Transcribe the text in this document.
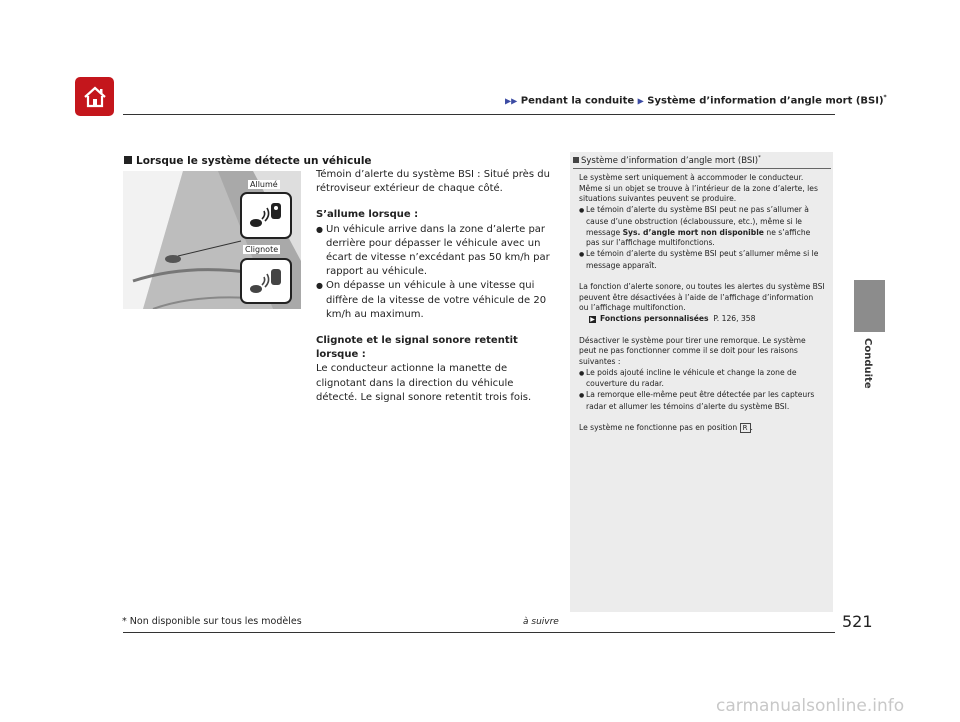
▶▶ Pendant la conduite ▶ Système d’information d’angle mort (BSI)*
Conduite
Lorsque le système détecte un véhicule
Allumé
Clignote

Témoin d’alerte du système BSI : Situé près du rétroviseur extérieur de chaque côté.

S’allume lorsque :

● Un véhicule arrive dans la zone d’alerte par derrière pour dépasser le véhicule avec un écart de vitesse n’excédant pas 50 km/h par rapport au véhicule.

● On dépasse un véhicule à une vitesse qui diffère de la vitesse de votre véhicule de 20 km/h au maximum.

Clignote et le signal sonore retentit lorsque :

Le conducteur actionne la manette de clignotant dans la direction du véhicule détecté. Le signal sonore retentit trois fois.

Système d’information d’angle mort (BSI)*

Le système sert uniquement à accommoder le conducteur. Même si un objet se trouve à l’intérieur de la zone d’alerte, les situations suivantes peuvent se produire.

● Le témoin d’alerte du système BSI peut ne pas s’allumer à cause d’une obstruction (éclaboussure, etc.), même si le message Sys. d’angle mort non disponible ne s’affiche pas sur l’affichage multifonctions.

● Le témoin d’alerte du système BSI peut s’allumer même si le message apparaît.

La fonction d’alerte sonore, ou toutes les alertes du système BSI peuvent être désactivées à l’aide de l’affichage d’information ou l’affichage multifonction.

▶ Fonctions personnalisées P. 126, 358

Désactiver le système pour tirer une remorque. Le système peut ne pas fonctionner comme il se doit pour les raisons suivantes :

● Le poids ajouté incline le véhicule et change la zone de couverture du radar.

● La remorque elle-même peut être détectée par les capteurs radar et allumer les témoins d’alerte du système BSI.

Le système ne fonctionne pas en position R .

* Non disponible sur tous les modèles	à suivre	521
carmanualsonline.info
